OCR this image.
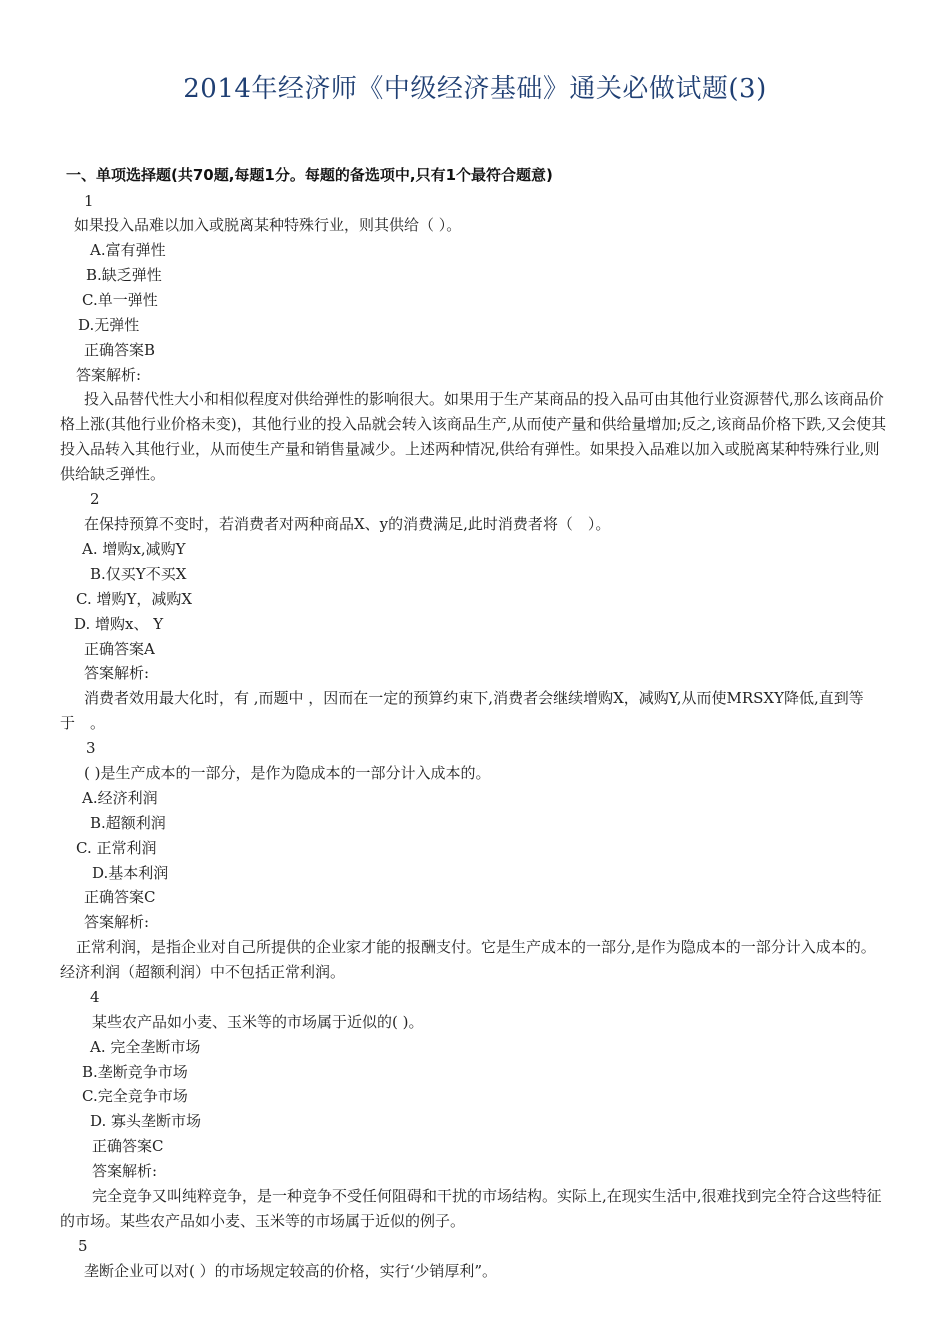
2014年经济师《中级经济基础》通关必做试题(3)
一、单项选择题(共70题,每题1分。每题的备选项中,只有1个最符合题意)
1
如果投入品难以加入或脱离某种特殊行业，则其供给（ ）。
A.富有弹性
B.缺乏弹性
C.单一弹性
D.无弹性
正确答案B
答案解析:
投入品替代性大小和相似程度对供给弹性的影响很大。如果用于生产某商品的投入品可由其他行业资源替代,那么该商品价格上涨(其他行业价格未变)，其他行业的投入品就会转入该商品生产,从而使产量和供给量增加;反之,该商品价格下跌,又会使其投入品转入其他行业，从而使生产量和销售量减少。上述两种情况,供给有弹性。如果投入品难以加入或脱离某种特殊行业,则供给缺乏弹性。
2
在保持预算不变时，若消费者对两种商品X、y的消费满足,此时消费者将（　）。
A. 增购x,减购Y
B.仅买Y不买X
C. 增购Y，减购X
D. 增购x、 Y
正确答案A
答案解析:
消费者效用最大化时，有 ,而题中 ，因而在一定的预算约束下,消费者会继续增购X，减购Y,从而使MRSXY降低,直到等于　。
3
( )是生产成本的一部分，是作为隐成本的一部分计入成本的。
A.经济利润
B.超额利润
C. 正常利润
D.基本利润
正确答案C
答案解析:
正常利润，是指企业对自己所提供的企业家才能的报酬支付。它是生产成本的一部分,是作为隐成本的一部分计入成本的。经济利润（超额利润）中不包括正常利润。
4
某些农产品如小麦、玉米等的市场属于近似的( )。
A. 完全垄断市场
B.垄断竞争市场
C.完全竞争市场
D. 寡头垄断市场
正确答案C
答案解析:
完全竞争又叫纯粹竞争，是一种竞争不受任何阻碍和干扰的市场结构。实际上,在现实生活中,很难找到完全符合这些特征的市场。某些农产品如小麦、玉米等的市场属于近似的例子。
5
垄断企业可以对( ）的市场规定较高的价格，实行‘少销厚利”。
